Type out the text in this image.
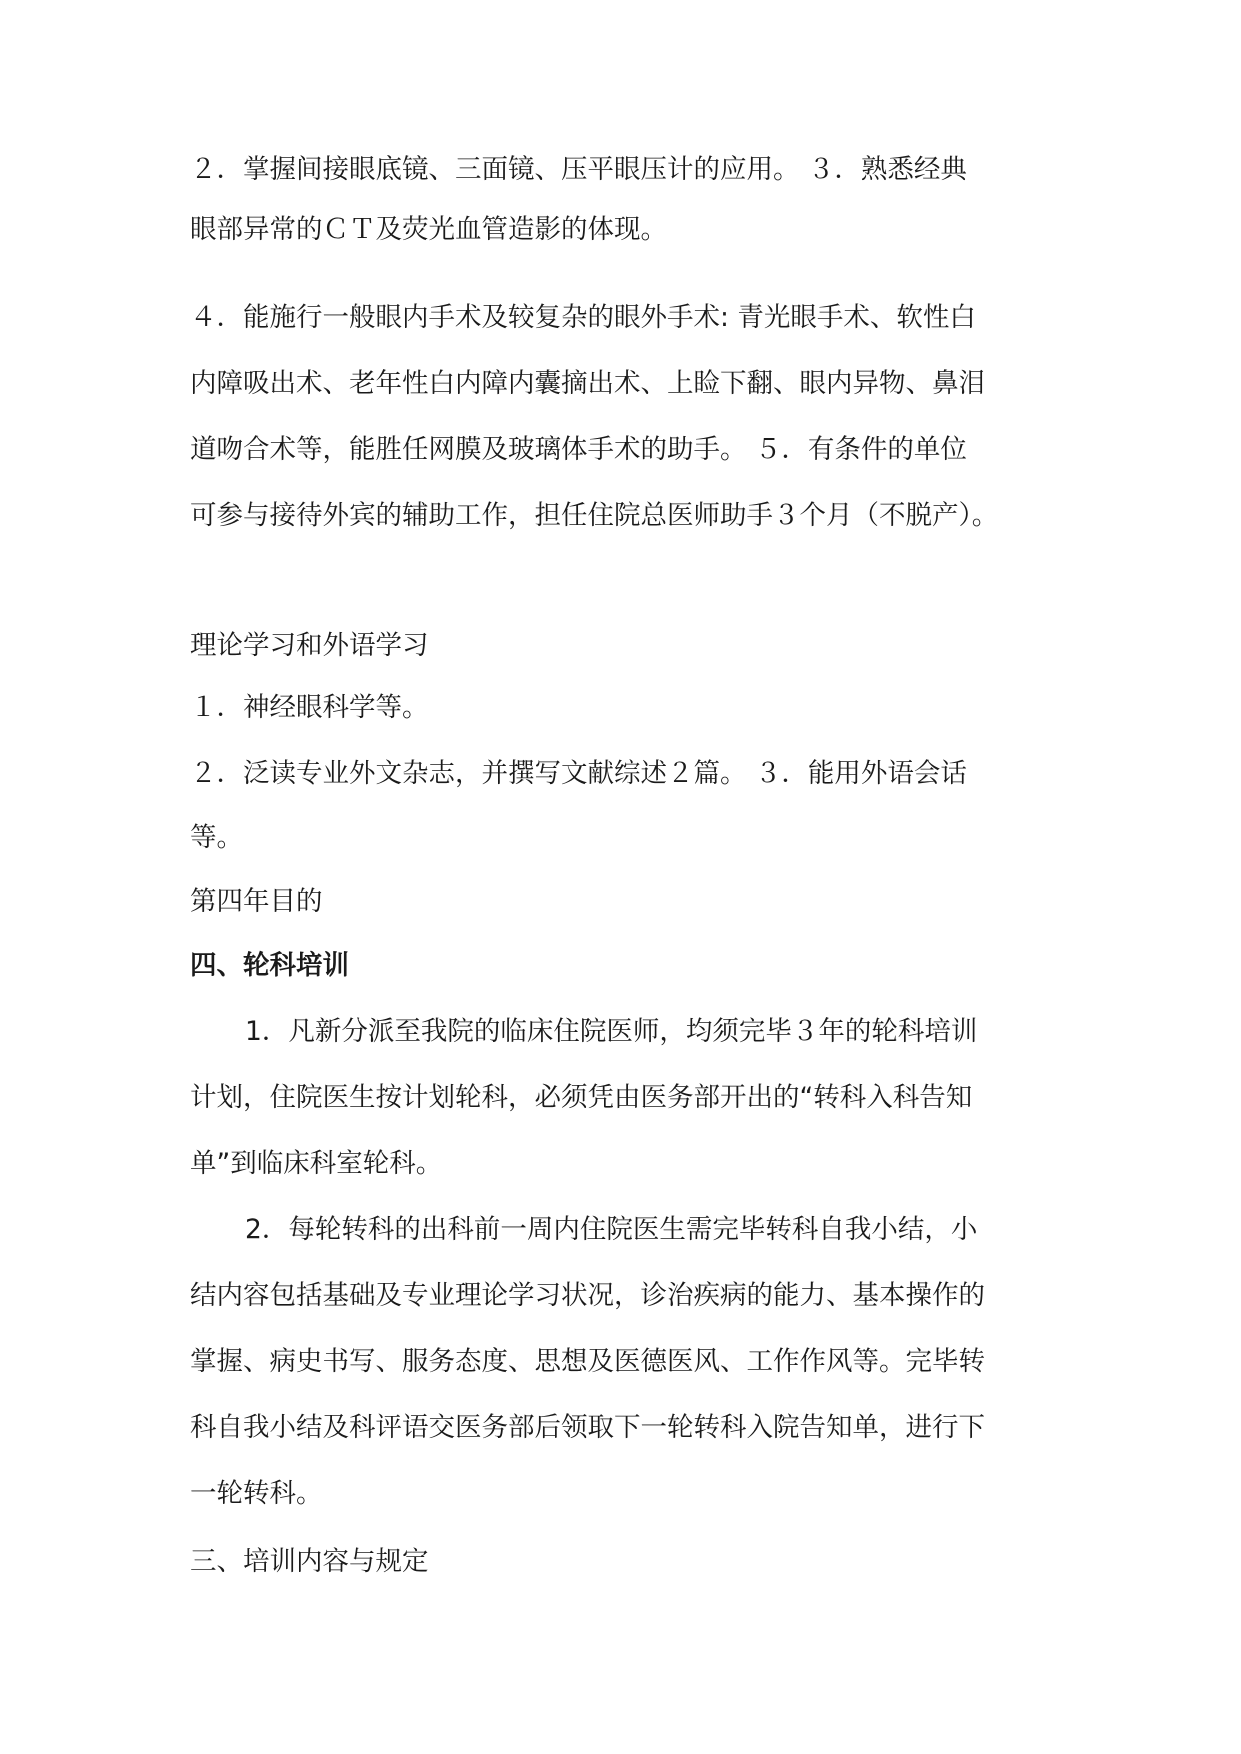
２．掌握间接眼底镜、三面镜、压平眼压计的应用。 ３．熟悉经典
眼部异常的ＣＴ及荧光血管造影的体现。
４．能施行一般眼内手术及较复杂的眼外手术: 青光眼手术、软性白
内障吸出术、老年性白内障内囊摘出术、上睑下翻、眼内异物、鼻泪
道吻合术等，能胜任网膜及玻璃体手术的助手。 ５．有条件的单位
可参与接待外宾的辅助工作，担任住院总医师助手３个月（不脱产）。
理论学习和外语学习
１．神经眼科学等。
２．泛读专业外文杂志，并撰写文献综述２篇。 ３．能用外语会话
等。
第四年目的
四、轮科培训
1．凡新分派至我院的临床住院医师，均须完毕３年的轮科培训
计划，住院医生按计划轮科，必须凭由医务部开出的“转科入科告知
单”到临床科室轮科。
2．每轮转科的出科前一周内住院医生需完毕转科自我小结，小
结内容包括基础及专业理论学习状况，诊治疾病的能力、基本操作的
掌握、病史书写、服务态度、思想及医德医风、工作作风等。完毕转
科自我小结及科评语交医务部后领取下一轮转科入院告知单，进行下
一轮转科。
三、培训内容与规定
